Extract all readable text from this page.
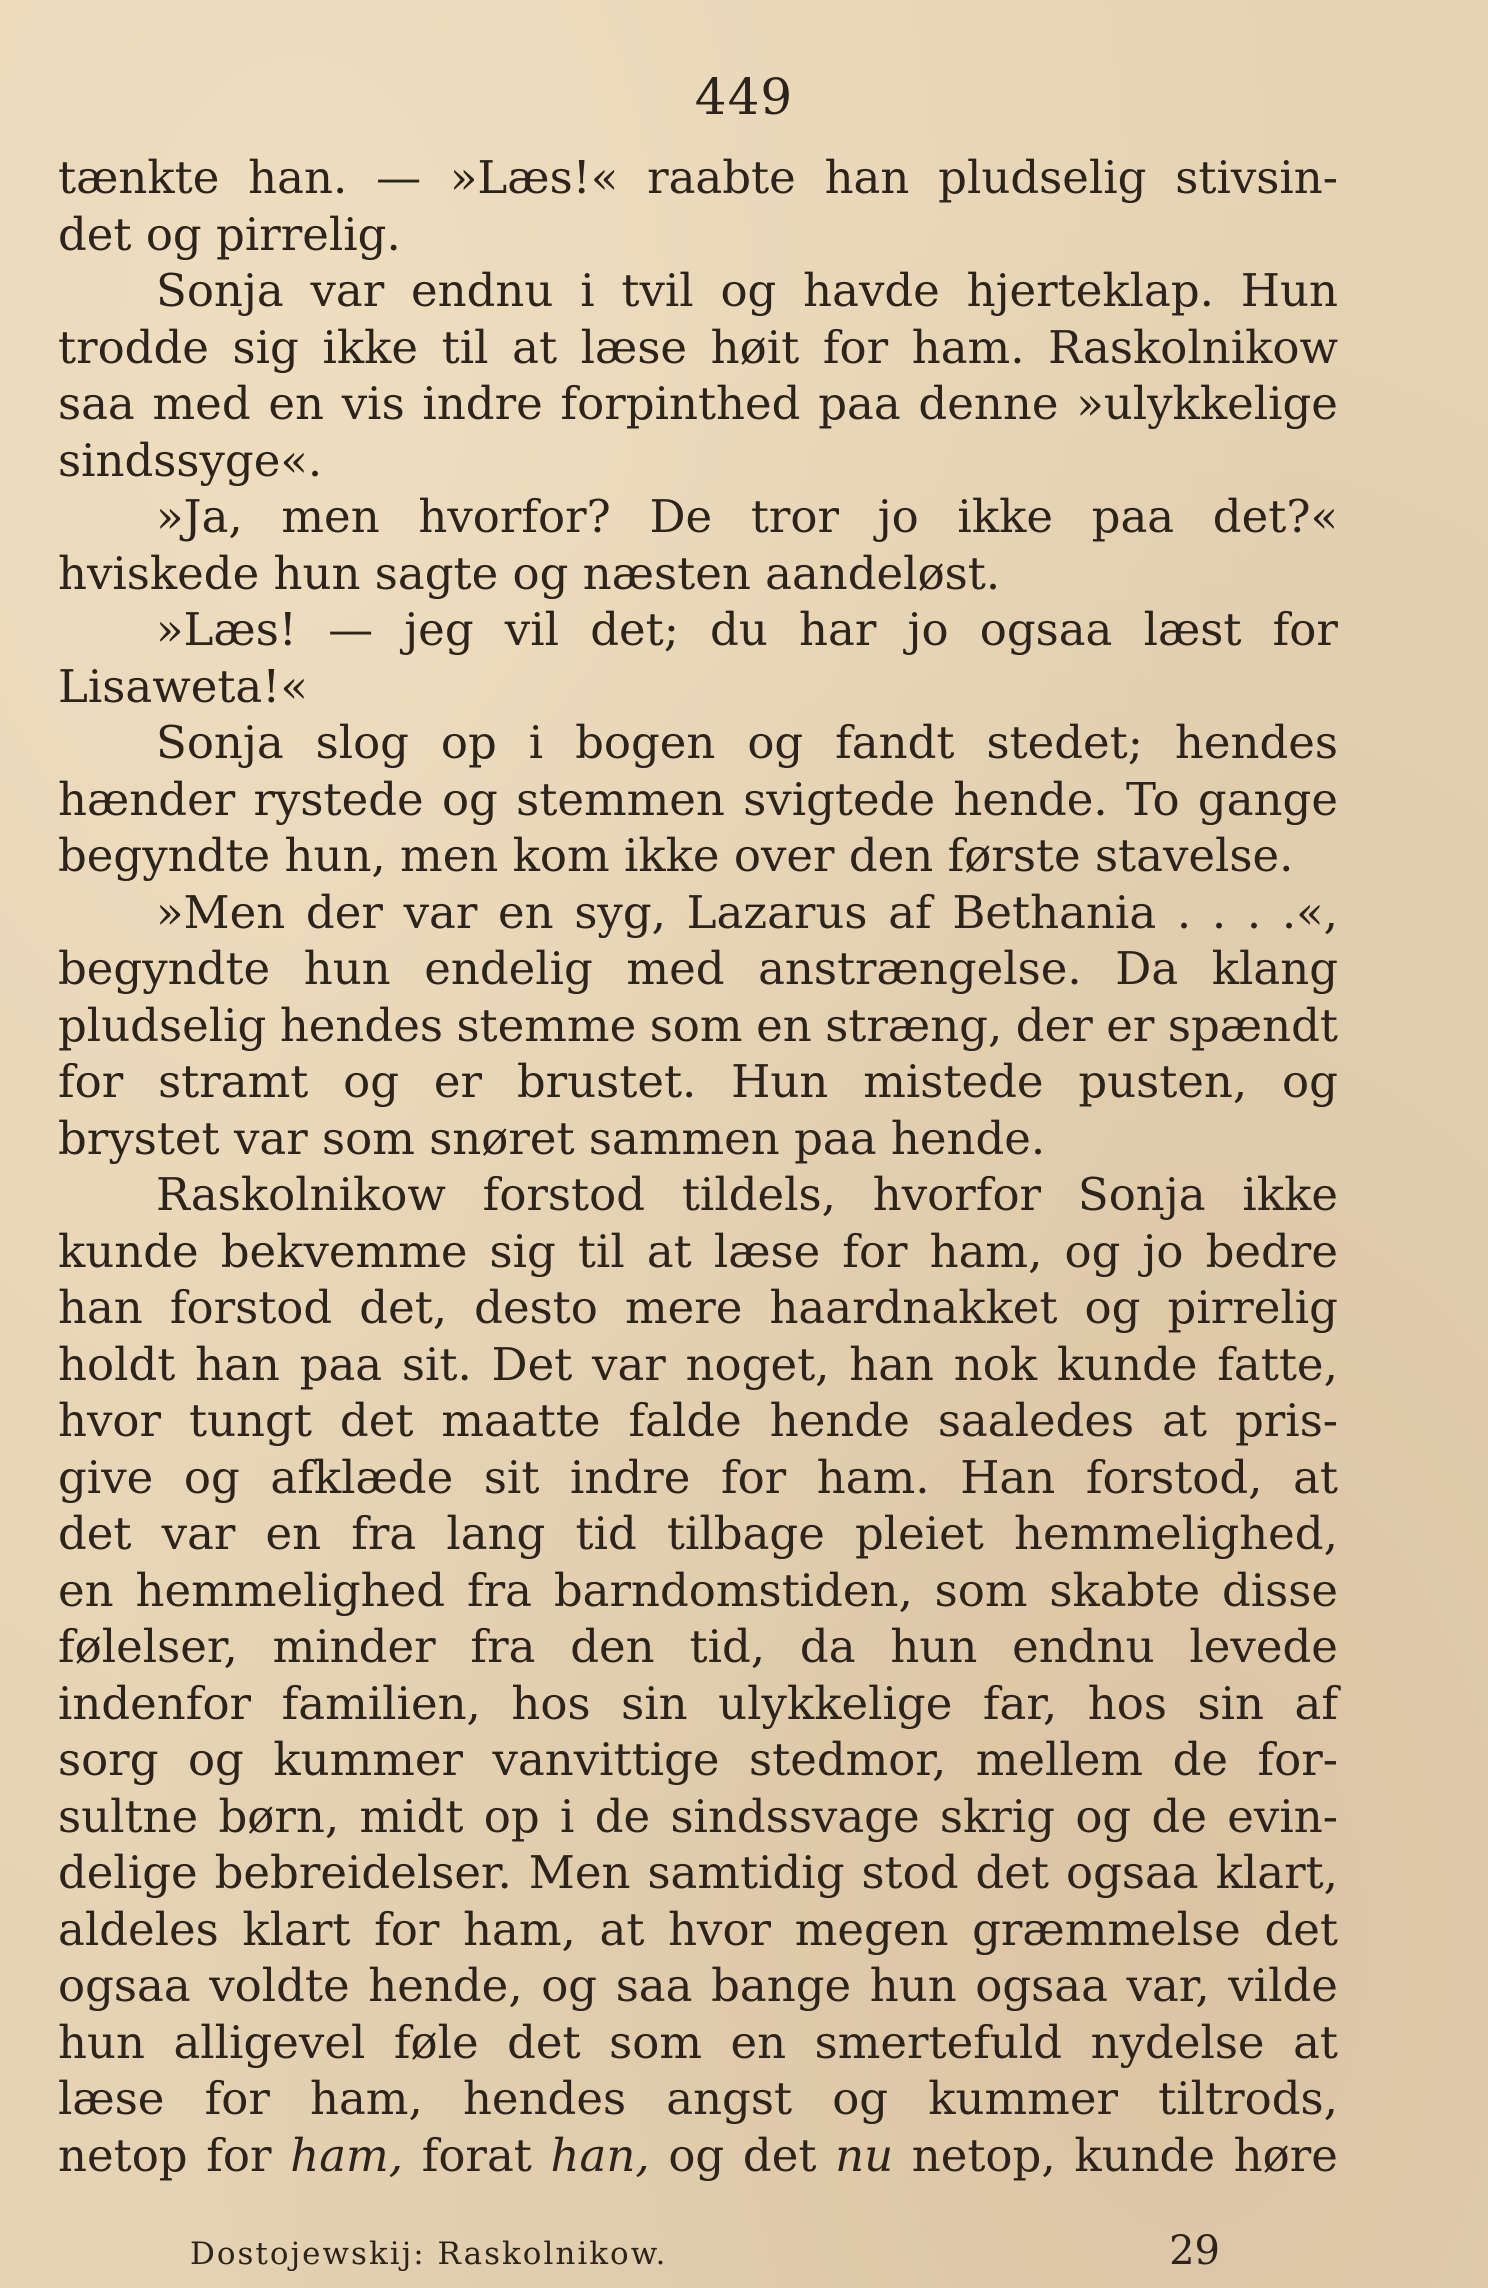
449
tænkte han. — »Læs!« raabte han pludselig stivsin-
det og pirrelig.
Sonja var endnu i tvil og havde hjerteklap. Hun
trodde sig ikke til at læse høit for ham. Raskolnikow
saa med en vis indre forpinthed paa denne »ulykkelige
sindssyge«.
»Ja, men hvorfor? De tror jo ikke paa det?«
hviskede hun sagte og næsten aandeløst.
»Læs! — jeg vil det; du har jo ogsaa læst for
Lisaweta!«
Sonja slog op i bogen og fandt stedet; hendes
hænder rystede og stemmen svigtede hende. To gange
begyndte hun, men kom ikke over den første stavelse.
»Men der var en syg, Lazarus af Bethania . . . .«,
begyndte hun endelig med anstrængelse. Da klang
pludselig hendes stemme som en stræng, der er spændt
for stramt og er brustet. Hun mistede pusten, og
brystet var som snøret sammen paa hende.
Raskolnikow forstod tildels, hvorfor Sonja ikke
kunde bekvemme sig til at læse for ham, og jo bedre
han forstod det, desto mere haardnakket og pirrelig
holdt han paa sit. Det var noget, han nok kunde fatte,
hvor tungt det maatte falde hende saaledes at pris-
give og afklæde sit indre for ham. Han forstod, at
det var en fra lang tid tilbage pleiet hemmelighed,
en hemmelighed fra barndomstiden, som skabte disse
følelser, minder fra den tid, da hun endnu levede
indenfor familien, hos sin ulykkelige far, hos sin af
sorg og kummer vanvittige stedmor, mellem de for-
sultne børn, midt op i de sindssvage skrig og de evin-
delige bebreidelser. Men samtidig stod det ogsaa klart,
aldeles klart for ham, at hvor megen græmmelse det
ogsaa voldte hende, og saa bange hun ogsaa var, vilde
hun alligevel føle det som en smertefuld nydelse at
læse for ham, hendes angst og kummer tiltrods,
netop for ham, forat han, og det nu netop, kunde høre
Dostojewskij: Raskolnikow.	29
